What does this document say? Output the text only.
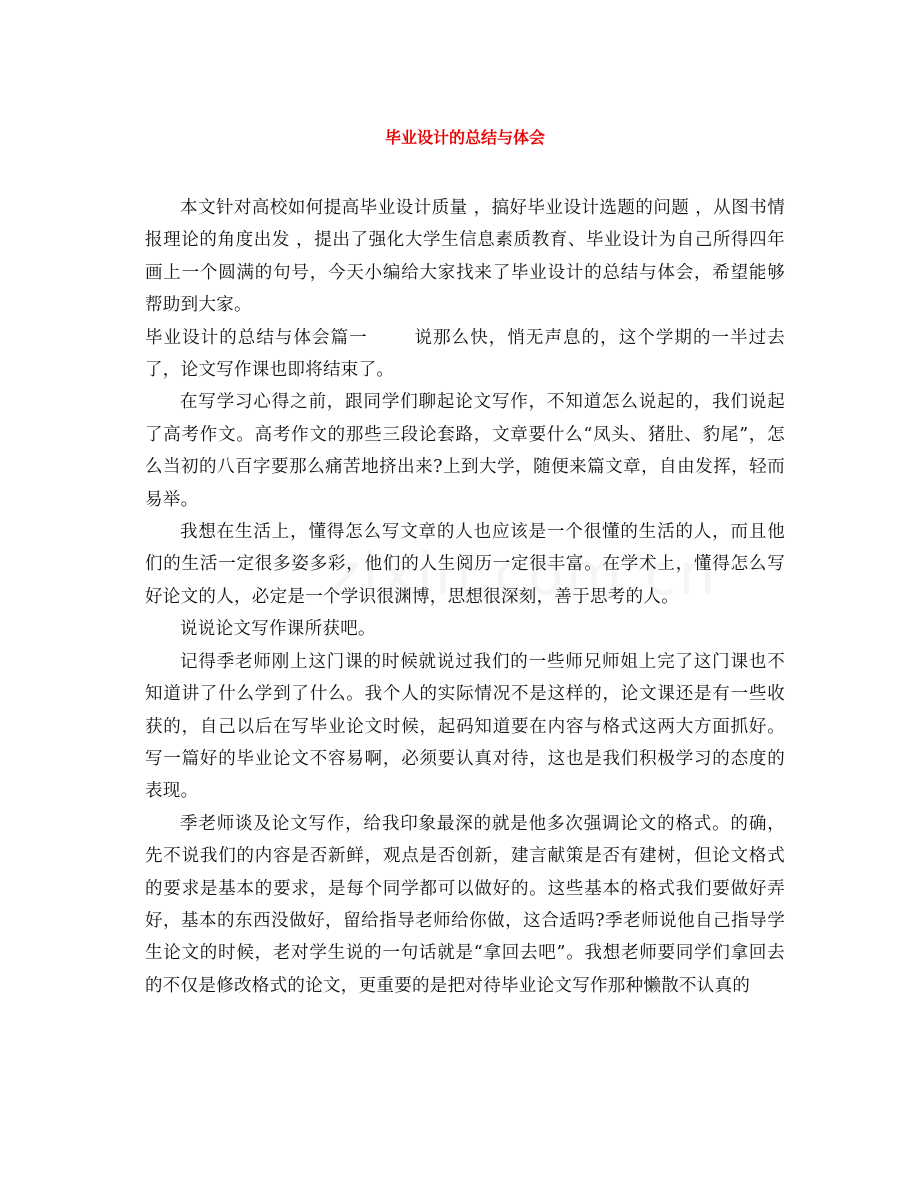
毕业设计的总结与体会

本文针对高校如何提高毕业设计质量 ，搞好毕业设计选题的问题 ，从图书情报理论的角度出发 ，提出了强化大学生信息素质教育、毕业设计为自己所得四年画上一个圆满的句号，今天小编给大家找来了毕业设计的总结与体会，希望能够帮助到大家。

毕业设计的总结与体会篇一	说那么快，悄无声息的，这个学期的一半过去了，论文写作课也即将结束了。

在写学习心得之前，跟同学们聊起论文写作，不知道怎么说起的，我们说起了高考作文。高考作文的那些三段论套路，文章要什么“凤头、猪肚、豹尾”，怎么当初的八百字要那么痛苦地挤出来?上到大学，随便来篇文章，自由发挥，轻而易举。

我想在生活上，懂得怎么写文章的人也应该是一个很懂的生活的人，而且他们的生活一定很多姿多彩，他们的人生阅历一定很丰富。在学术上，懂得怎么写好论文的人，必定是一个学识很渊博，思想很深刻，善于思考的人。

说说论文写作课所获吧。

记得季老师刚上这门课的时候就说过我们的一些师兄师姐上完了这门课也不知道讲了什么学到了什么。我个人的实际情况不是这样的，论文课还是有一些收获的，自己以后在写毕业论文时候，起码知道要在内容与格式这两大方面抓好。写一篇好的毕业论文不容易啊，必须要认真对待，这也是我们积极学习的态度的表现。

季老师谈及论文写作，给我印象最深的就是他多次强调论文的格式。的确，先不说我们的内容是否新鲜，观点是否创新，建言献策是否有建树，但论文格式的要求是基本的要求，是每个同学都可以做好的。这些基本的格式我们要做好弄好，基本的东西没做好，留给指导老师给你做，这合适吗?季老师说他自己指导学生论文的时候，老对学生说的一句话就是“拿回去吧”。我想老师要同学们拿回去的不仅是修改格式的论文，更重要的是把对待毕业论文写作那种懒散不认真的
